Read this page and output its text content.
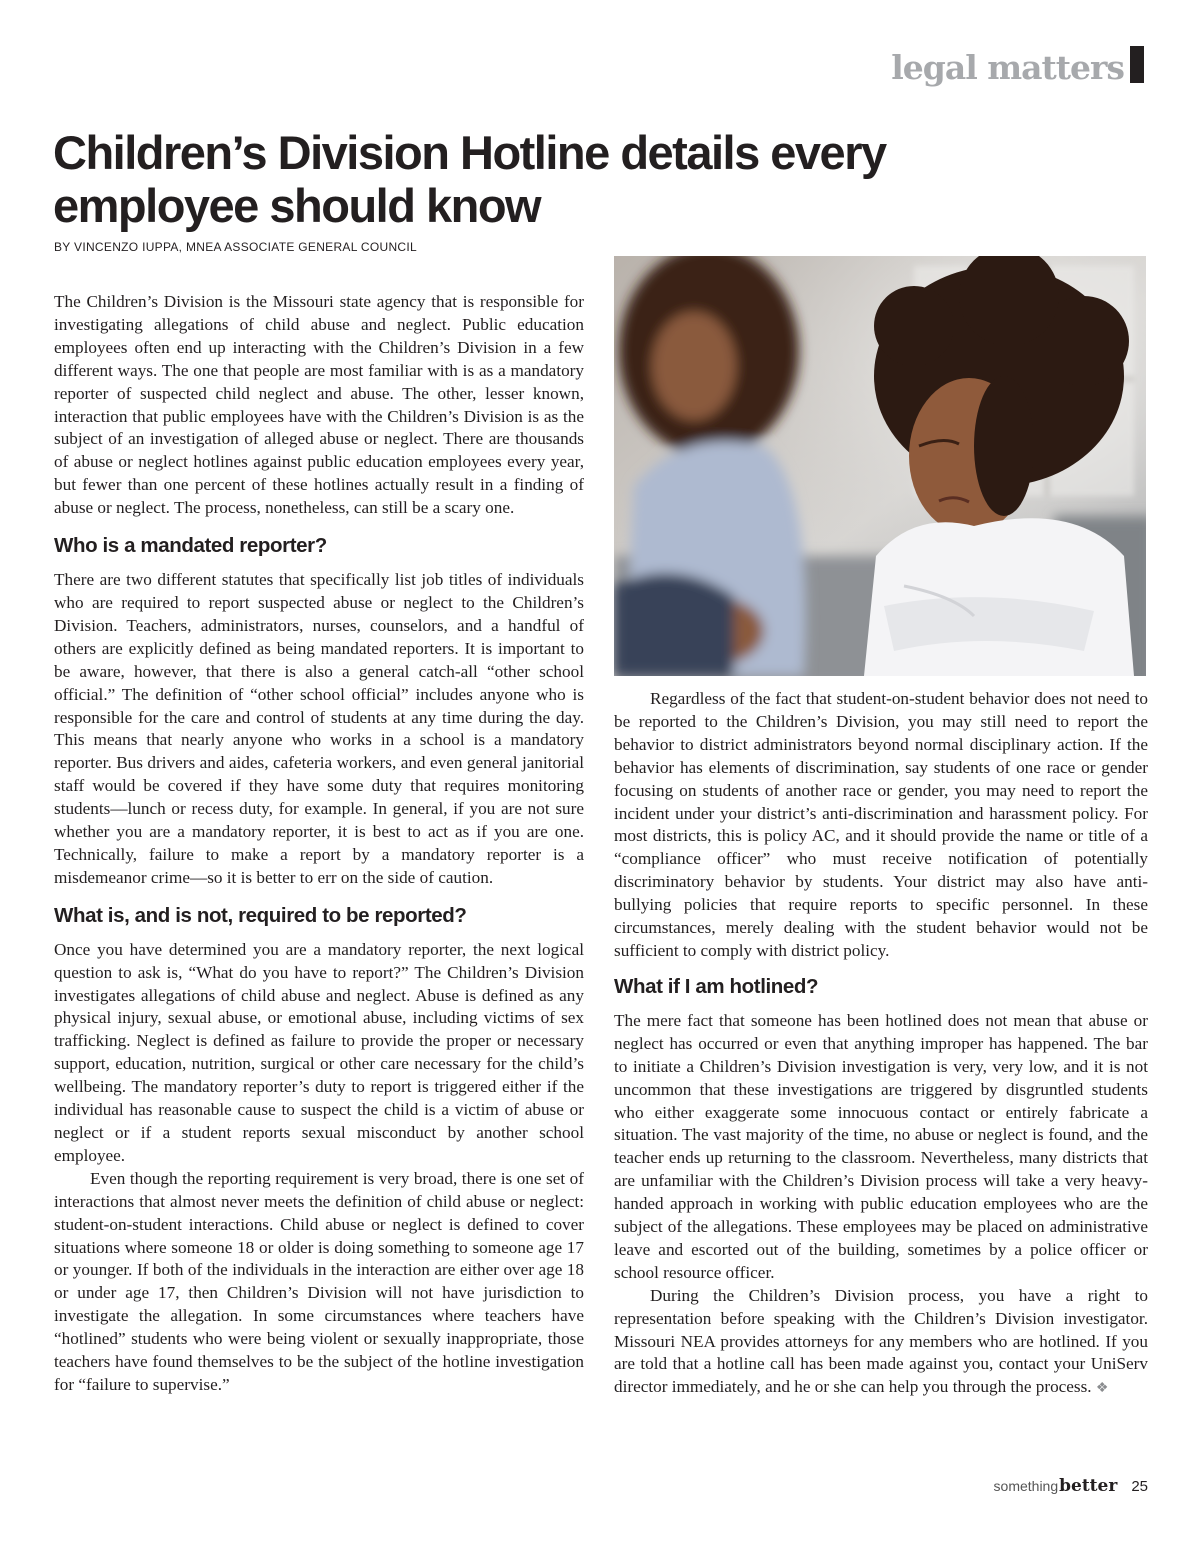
legal matters
Children’s Division Hotline details every employee should know
BY VINCENZO IUPPA, MNEA ASSOCIATE GENERAL COUNCIL

The Children’s Division is the Missouri state agency that is responsible for investigating allegations of child abuse and neglect. Public education employees often end up interacting with the Children’s Division in a few different ways. The one that people are most familiar with is as a mandatory reporter of suspected child neglect and abuse. The other, lesser known, interaction that public employees have with the Children’s Division is as the subject of an investigation of alleged abuse or neglect. There are thousands of abuse or neglect hotlines against public education employees every year, but fewer than one percent of these hotlines actually result in a finding of abuse or neglect. The process, nonetheless, can still be a scary one.

Who is a mandated reporter?

There are two different statutes that specifically list job titles of individuals who are required to report suspected abuse or neglect to the Children’s Division. Teachers, administrators, nurses, counselors, and a handful of others are explicitly defined as being mandated reporters. It is important to be aware, however, that there is also a general catch-all “other school official.” The definition of “other school official” includes anyone who is responsible for the care and control of students at any time during the day. This means that nearly anyone who works in a school is a mandatory reporter. Bus drivers and aides, cafeteria workers, and even general janitorial staff would be covered if they have some duty that requires monitoring students—lunch or recess duty, for example. In general, if you are not sure whether you are a mandatory reporter, it is best to act as if you are one. Technically, failure to make a report by a mandatory reporter is a misdemeanor crime—so it is better to err on the side of caution.

What is, and is not, required to be reported?

Once you have determined you are a mandatory reporter, the next logical question to ask is, “What do you have to report?” The Children’s Division investigates allegations of child abuse and neglect. Abuse is defined as any physical injury, sexual abuse, or emotional abuse, including victims of sex trafficking. Neglect is defined as failure to provide the proper or necessary support, education, nutrition, surgical or other care necessary for the child’s wellbeing. The mandatory reporter’s duty to report is triggered either if the individual has reasonable cause to suspect the child is a victim of abuse or neglect or if a student reports sexual misconduct by another school employee.

Even though the reporting requirement is very broad, there is one set of interactions that almost never meets the definition of child abuse or neglect: student-on-student interactions. Child abuse or neglect is defined to cover situations where someone 18 or older is doing something to someone age 17 or younger. If both of the individuals in the interaction are either over age 18 or under age 17, then Children’s Division will not have jurisdiction to investigate the allegation. In some circumstances where teachers have “hotlined” students who were being violent or sexually inappropriate, those teachers have found themselves to be the subject of the hotline investigation for “failure to supervise.”

Regardless of the fact that student-on-student behavior does not need to be reported to the Children’s Division, you may still need to report the behavior to district administrators beyond normal disciplinary action. If the behavior has elements of discrimination, say students of one race or gender focusing on students of another race or gender, you may need to report the incident under your district’s anti-discrimination and harassment policy. For most districts, this is policy AC, and it should provide the name or title of a “compliance officer” who must receive notification of potentially discriminatory behavior by students. Your district may also have anti-bullying policies that require reports to specific personnel. In these circumstances, merely dealing with the student behavior would not be sufficient to comply with district policy.

What if I am hotlined?

The mere fact that someone has been hotlined does not mean that abuse or neglect has occurred or even that anything improper has happened. The bar to initiate a Children’s Division investigation is very, very low, and it is not uncommon that these investigations are triggered by disgruntled students who either exaggerate some innocuous contact or entirely fabricate a situation. The vast majority of the time, no abuse or neglect is found, and the teacher ends up returning to the classroom. Nevertheless, many districts that are unfamiliar with the Children’s Division process will take a very heavy-handed approach in working with public education employees who are the subject of the allegations. These employees may be placed on administrative leave and escorted out of the building, sometimes by a police officer or school resource officer.

During the Children’s Division process, you have a right to representation before speaking with the Children’s Division investigator. Missouri NEA provides attorneys for any members who are hotlined. If you are told that a hotline call has been made against you, contact your UniServ director immediately, and he or she can help you through the process. ❖

something better 25
